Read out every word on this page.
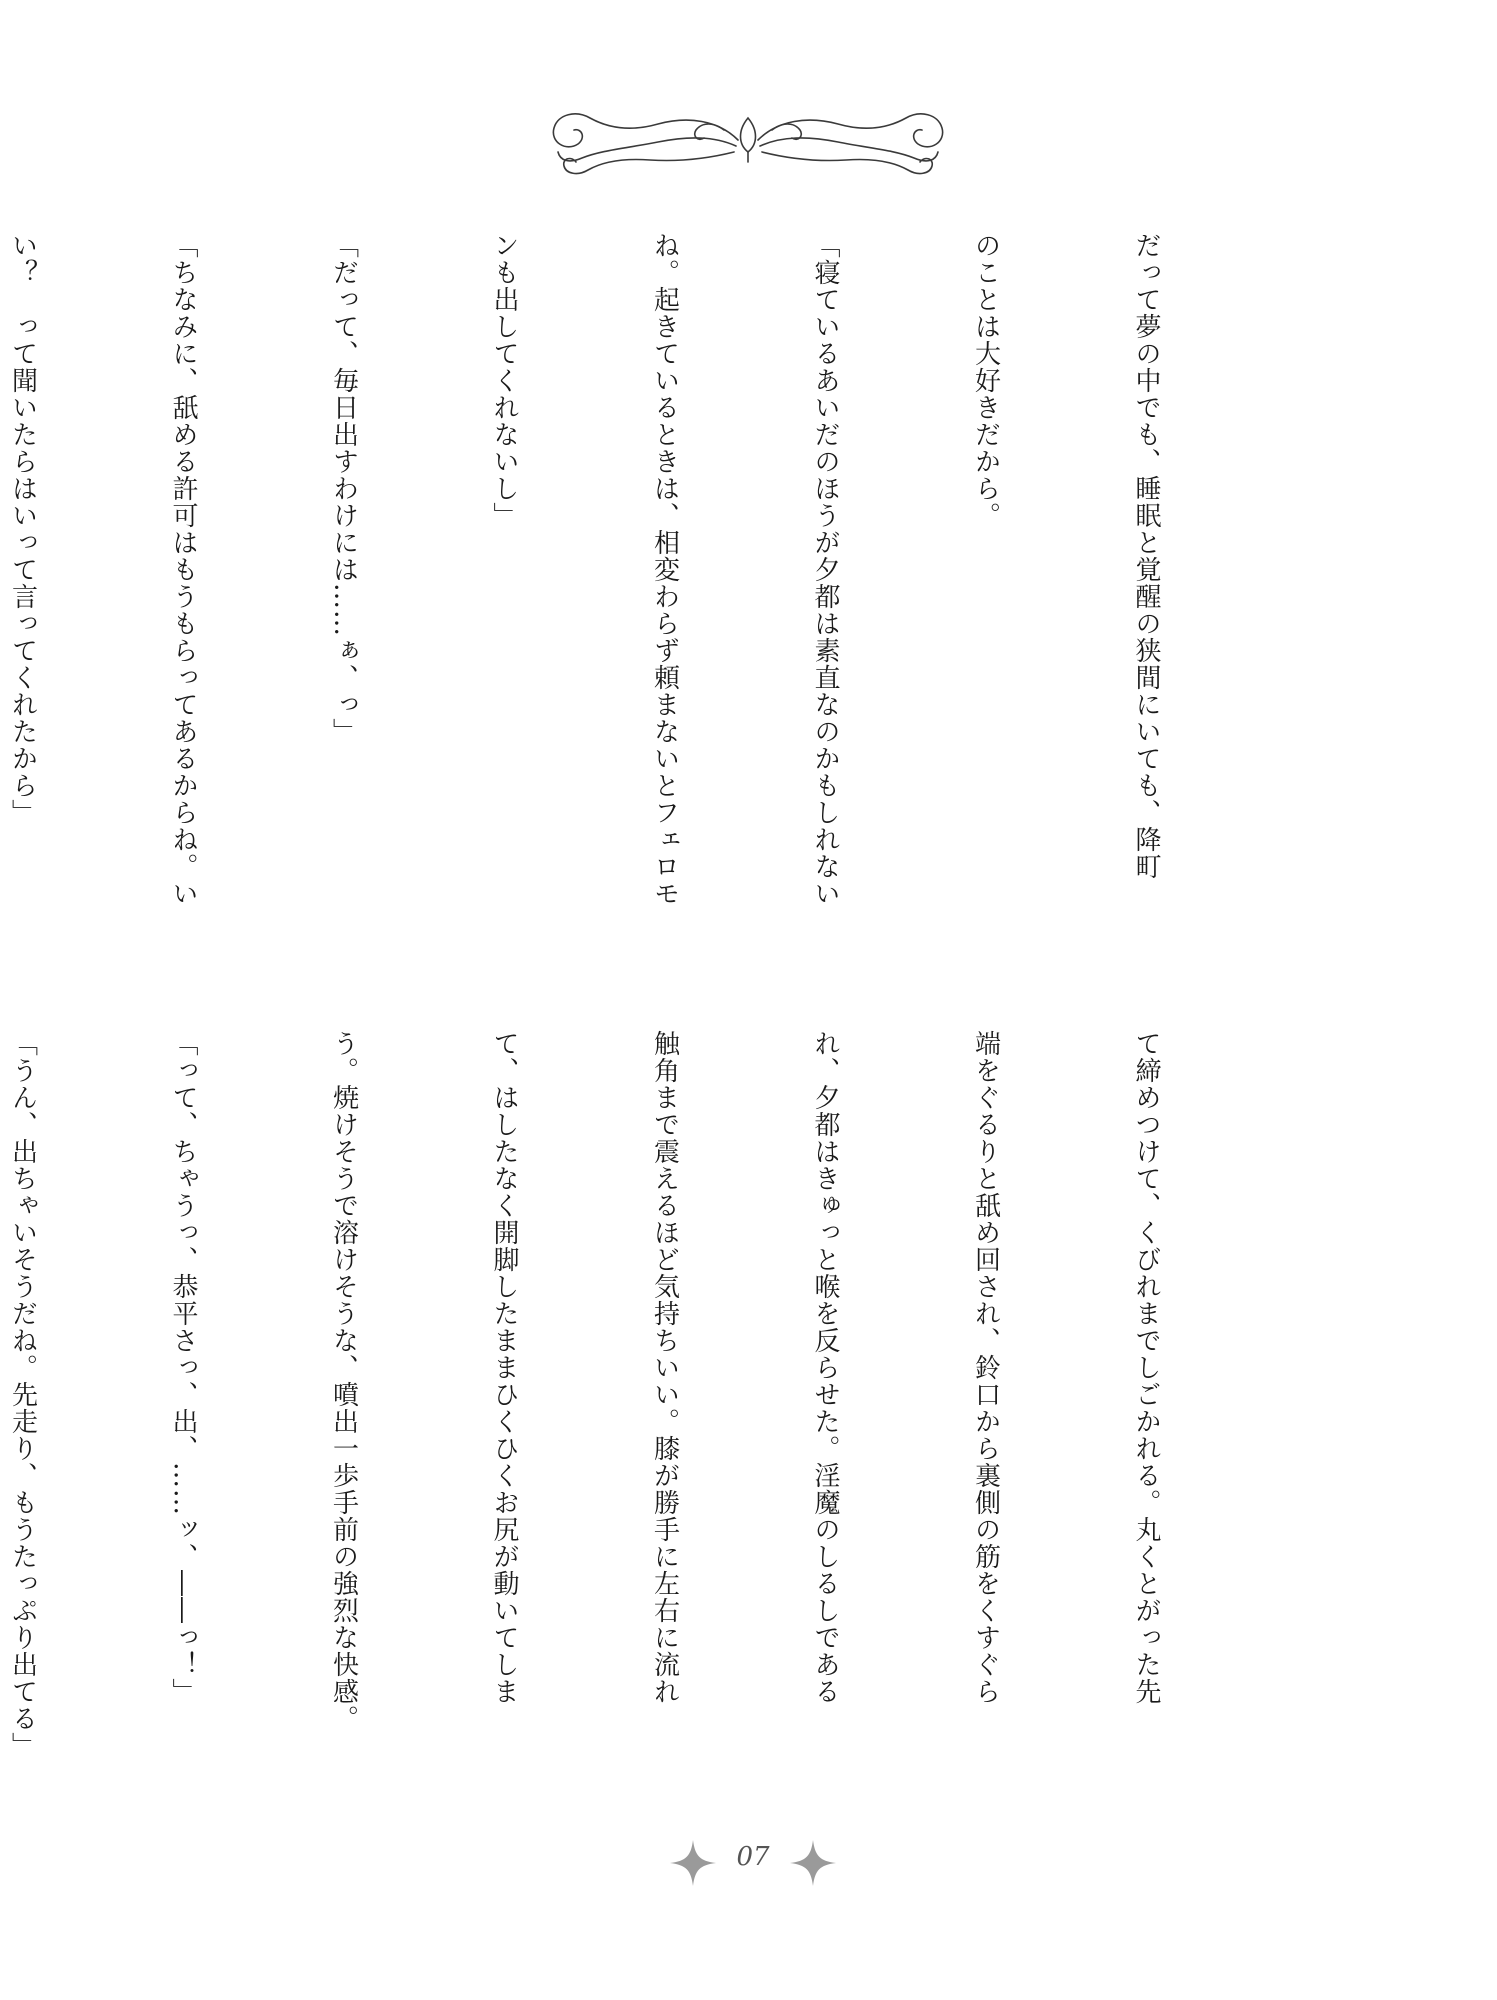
だって夢の中でも、睡眠と覚醒の狭間にいても、降町

のことは大好きだから。

「寝ているあいだのほうが夕都は素直なのかもしれない

ね。起きているときは、相変わらず頼まないとフェロモ

ンも出してくれないし」

「だって、毎日出すわけには……ぁ、っ」

「ちなみに、舐める許可はもうもらってあるからね。い

い？　って聞いたらはいって言ってくれたから」

て締めつけて、くびれまでしごかれる。丸くとがった先

端をぐるりと舐め回され、鈴口から裏側の筋をくすぐら

れ、夕都はきゅっと喉を反らせた。淫魔のしるしである

触角まで震えるほど気持ちいい。膝が勝手に左右に流れ

て、はしたなく開脚したままひくひくお尻が動いてしま

う。焼けそうで溶けそうな、噴出一歩手前の強烈な快感。

「って、ちゃうっ、恭平さっ、出、……ッ、――っ！」

「うん、出ちゃいそうだね。先走り、もうたっぷり出てる」

07
